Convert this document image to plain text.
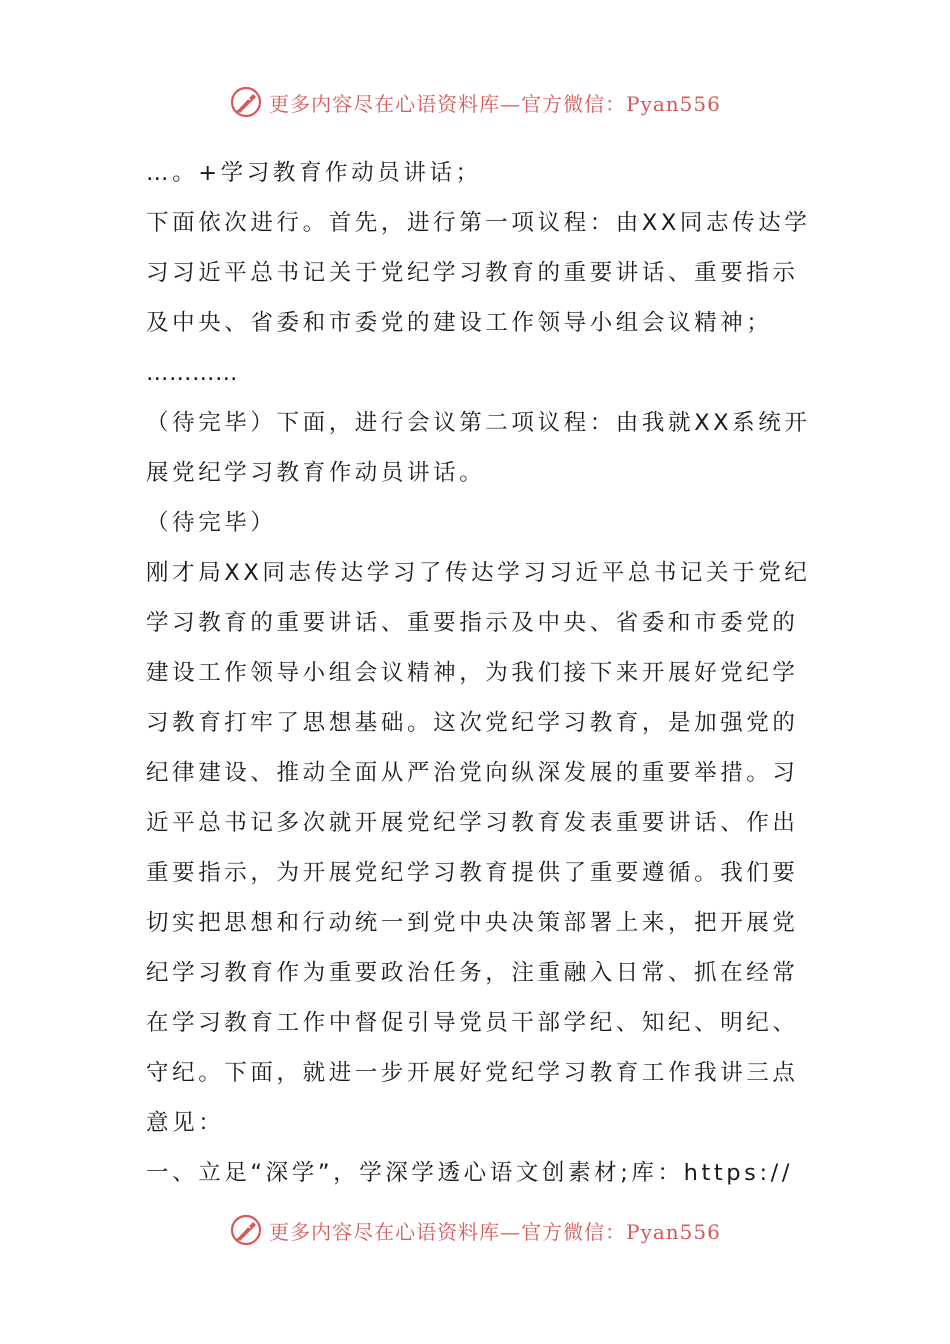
更多内容尽在心语资料库—官方微信：Pyan556
…。+学习教育作动员讲话；
下面依次进行。首先，进行第一项议程：由XX同志传达学
习习近平总书记关于党纪学习教育的重要讲话、重要指示
及中央、省委和市委党的建设工作领导小组会议精神；
…………
（待完毕）下面，进行会议第二项议程：由我就XX系统开
展党纪学习教育作动员讲话。
（待完毕）
刚才局XX同志传达学习了传达学习习近平总书记关于党纪
学习教育的重要讲话、重要指示及中央、省委和市委党的
建设工作领导小组会议精神，为我们接下来开展好党纪学
习教育打牢了思想基础。这次党纪学习教育，是加强党的
纪律建设、推动全面从严治党向纵深发展的重要举措。习
近平总书记多次就开展党纪学习教育发表重要讲话、作出
重要指示，为开展党纪学习教育提供了重要遵循。我们要
切实把思想和行动统一到党中央决策部署上来，把开展党
纪学习教育作为重要政治任务，注重融入日常、抓在经常
在学习教育工作中督促引导党员干部学纪、知纪、明纪、
守纪。下面，就进一步开展好党纪学习教育工作我讲三点
意见：
一、立足“深学”，学深学透心语文创素材;库：https://
更多内容尽在心语资料库—官方微信：Pyan556
